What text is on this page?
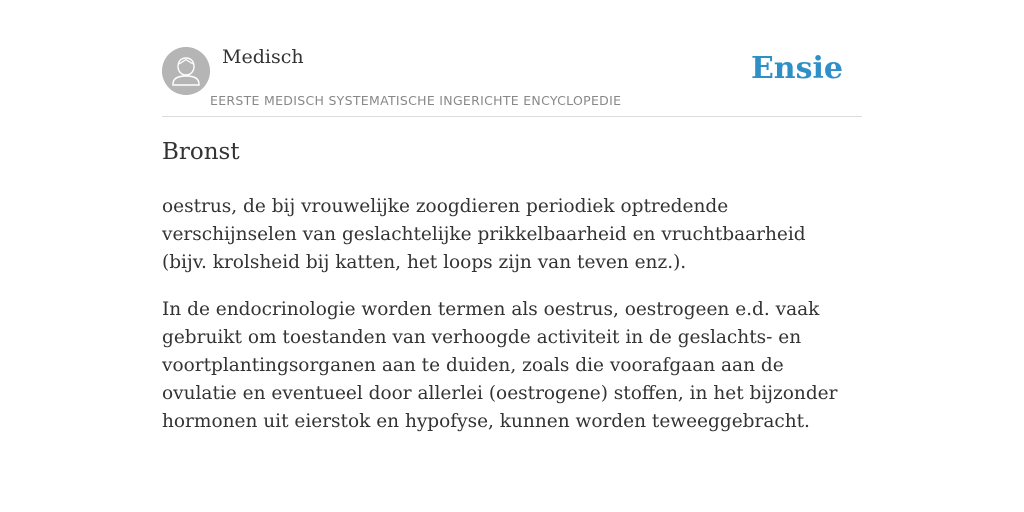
Medisch
EERSTE MEDISCH SYSTEMATISCHE INGERICHTE ENCYCLOPEDIE
Ensie
Bronst

oestrus, de bij vrouwelijke zoogdieren periodiek optredende verschijnselen van geslachtelijke prikkelbaarheid en vruchtbaarheid (bijv. krolsheid bij katten, het loops zijn van teven enz.).

In de endocrinologie worden termen als oestrus, oestrogeen e.d. vaak gebruikt om toestanden van verhoogde activiteit in de geslachts- en voortplantingsorganen aan te duiden, zoals die voorafgaan aan de ovulatie en eventueel door allerlei (oestrogene) stoffen, in het bijzonder hormonen uit eierstok en hypofyse, kunnen worden teweeggebracht.
